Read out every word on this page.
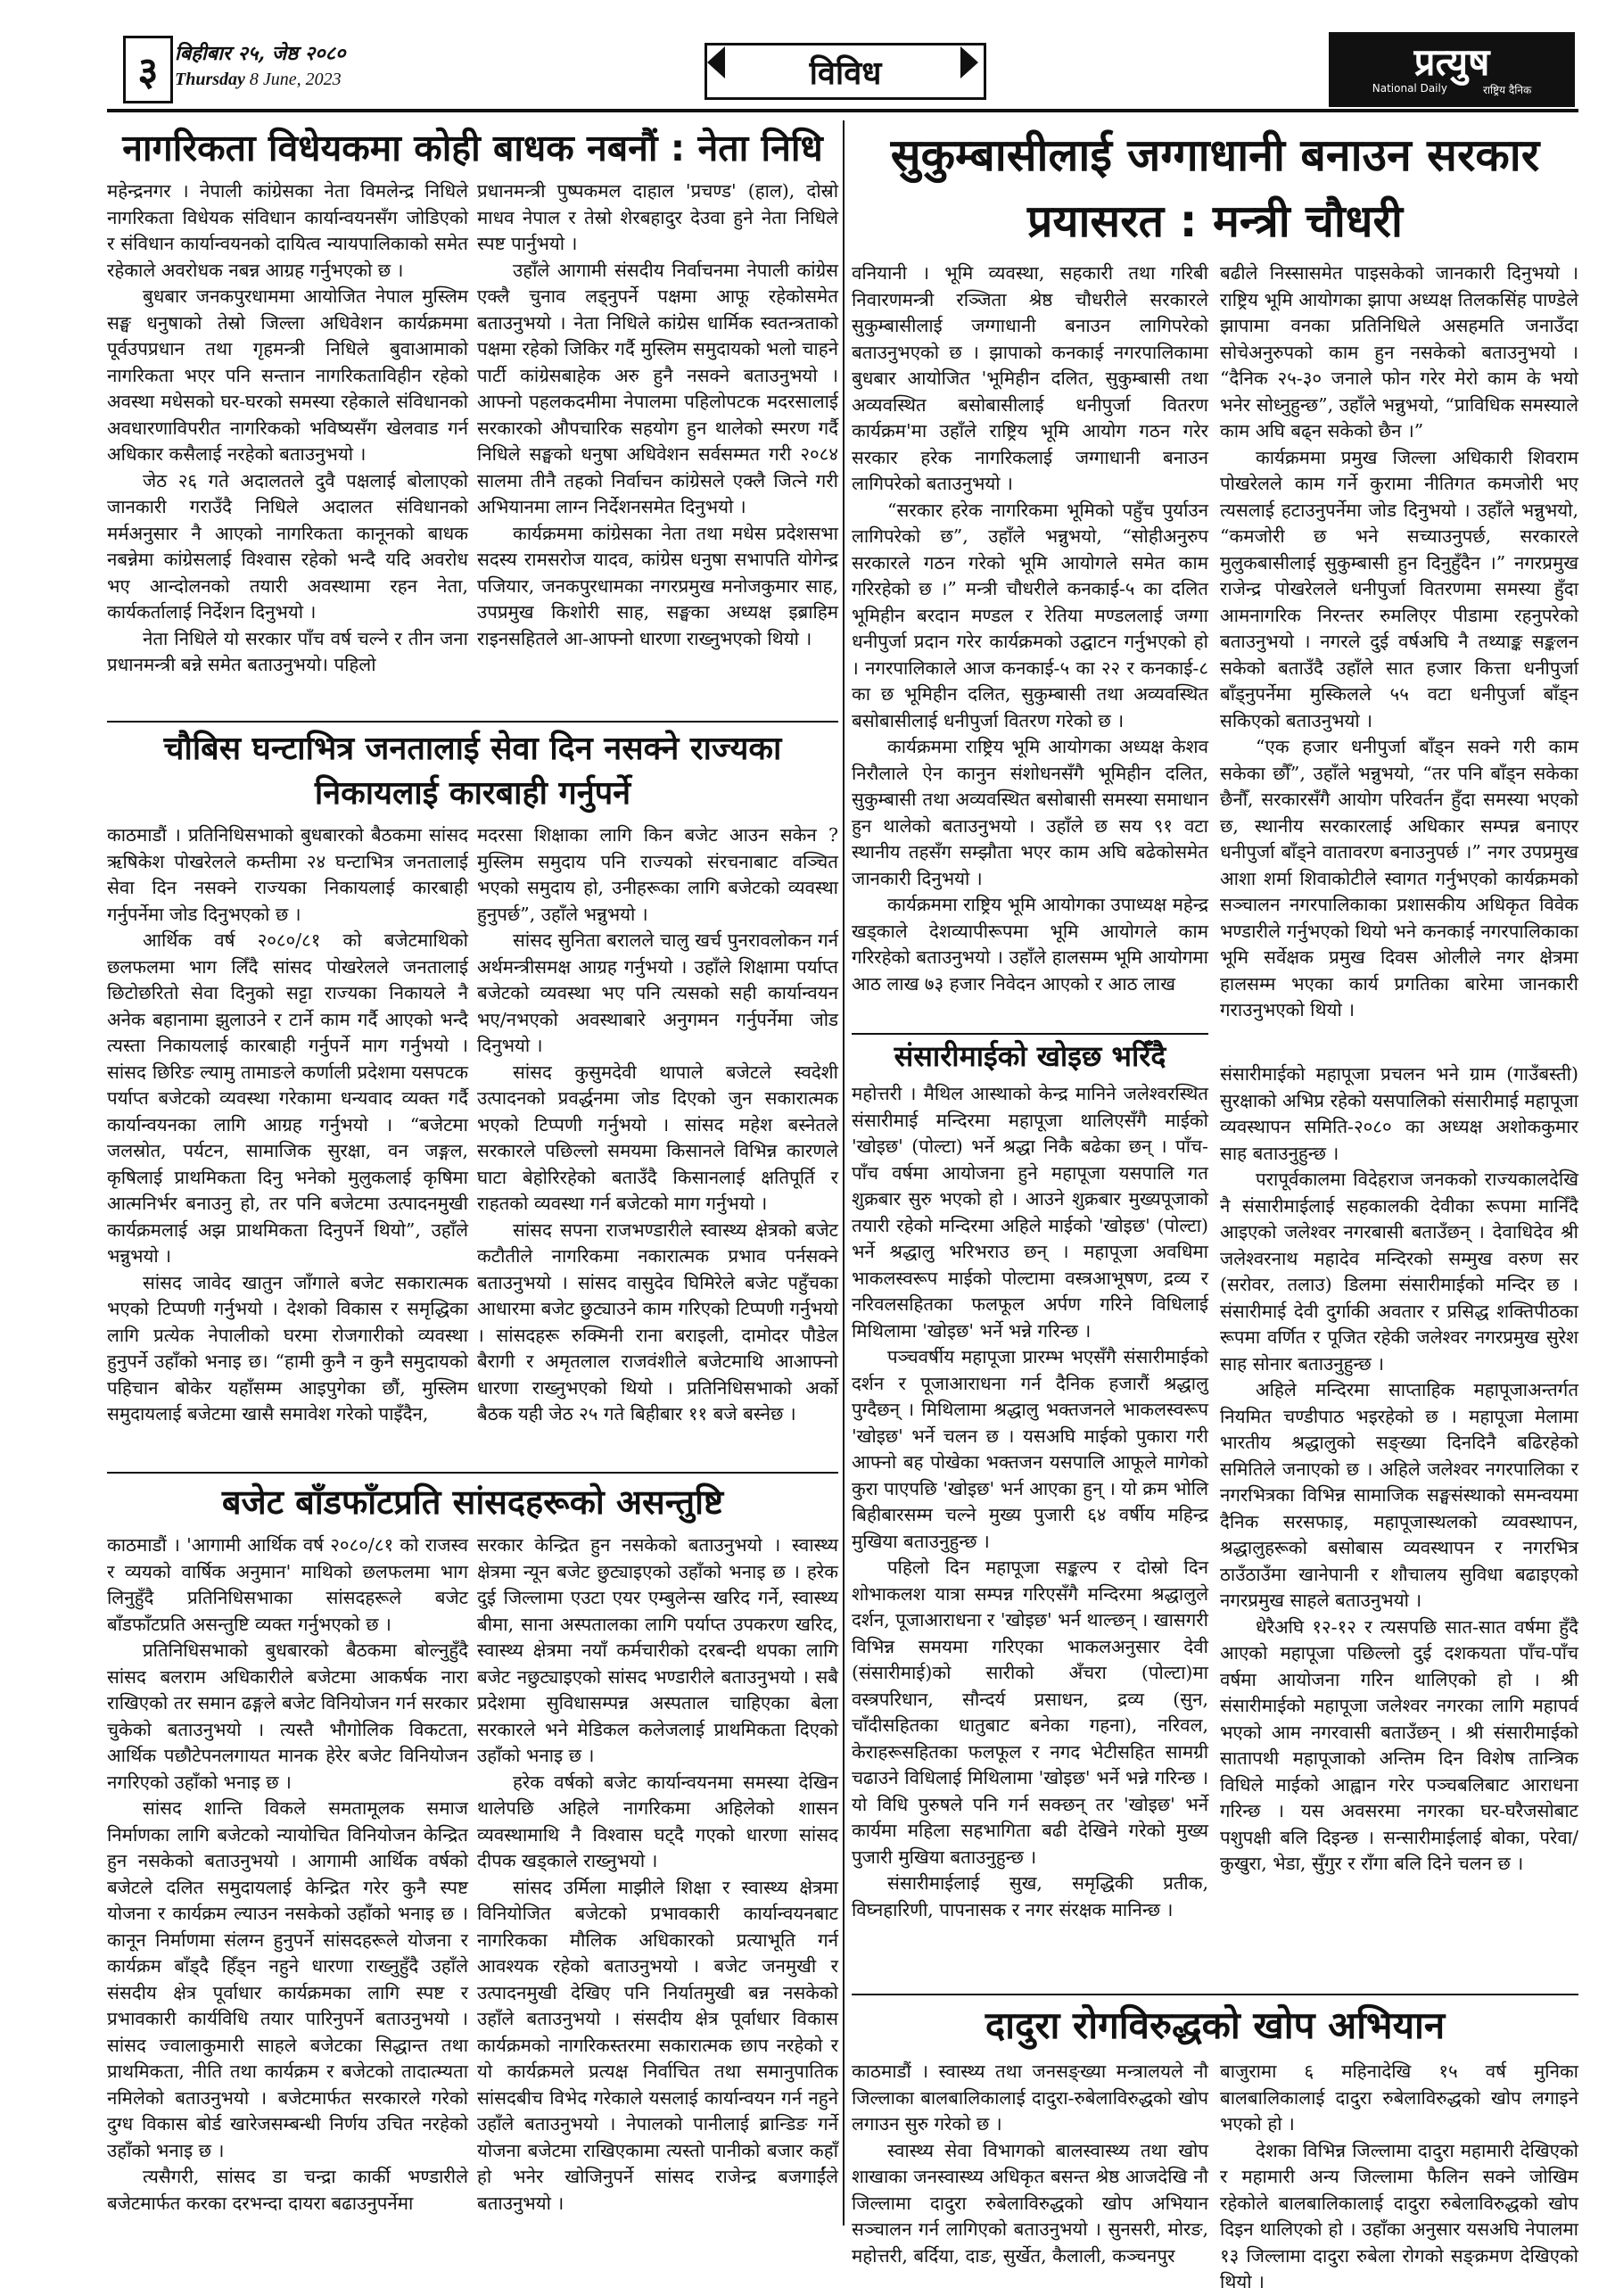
३ बिहीबार २५, जेष्ठ २०८०
Thursday 8 June, 2023	विविध	प्रत्युष
National Daily	राष्ट्रिय दैनिक
नागरिकता विधेयकमा कोही बाधक नबनौं : नेता निधि

महेन्द्रनगर । नेपाली कांग्रेसका नेता विमलेन्द्र निधिले नागरिकता विधेयक संविधान कार्यान्वयनसँग जोडिएको र संविधान कार्यान्वयनको दायित्व न्यायपालिकाको समेत रहेकाले अवरोधक नबन्न आग्रह गर्नुभएको छ ।

बुधबार जनकपुरधाममा आयोजित नेपाल मुस्लिम सङ्घ धनुषाको तेस्रो जिल्ला अधिवेशन कार्यक्रममा पूर्वउपप्रधान तथा गृहमन्त्री निधिले बुवाआमाको नागरिकता भएर पनि सन्तान नागरिकताविहीन रहेको अवस्था मधेसको घर-घरको समस्या रहेकाले संविधानको अवधारणाविपरीत नागरिकको भविष्यसँग खेलवाड गर्न अधिकार कसैलाई नरहेको बताउनुभयो ।

जेठ २६ गते अदालतले दुवै पक्षलाई बोलाएको जानकारी गराउँदै निधिले अदालत संविधानको मर्मअनुसार नै आएको नागरिकता कानूनको बाधक नबन्नेमा कांग्रेसलाई विश्वास रहेको भन्दै यदि अवरोध भए आन्दोलनको तयारी अवस्थामा रहन नेता, कार्यकर्तालाई निर्देशन दिनुभयो ।

नेता निधिले यो सरकार पाँच वर्ष चल्ने र तीन जना प्रधानमन्त्री बन्ने समेत बताउनुभयो। पहिलो

प्रधानमन्त्री पुष्पकमल दाहाल 'प्रचण्ड' (हाल), दोस्रो माधव नेपाल र तेस्रो शेरबहादुर देउवा हुने नेता निधिले स्पष्ट पार्नुभयो ।

उहाँले आगामी संसदीय निर्वाचनमा नेपाली कांग्रेस एक्लै चुनाव लड्नुपर्ने पक्षमा आफू रहेकोसमेत बताउनुभयो । नेता निधिले कांग्रेस धार्मिक स्वतन्त्रताको पक्षमा रहेको जिकिर गर्दै मुस्लिम समुदायको भलो चाहने पार्टी कांग्रेसबाहेक अरु हुनै नसक्ने बताउनुभयो । आफ्नो पहलकदमीमा नेपालमा पहिलोपटक मदरसालाई सरकारको औपचारिक सहयोग हुन थालेको स्मरण गर्दै निधिले सङ्घको धनुषा अधिवेशन सर्वसम्मत गरी २०८४ सालमा तीनै तहको निर्वाचन कांग्रेसले एक्लै जित्ने गरी अभियानमा लाग्न निर्देशनसमेत दिनुभयो ।

कार्यक्रममा कांग्रेसका नेता तथा मधेस प्रदेशसभा सदस्य रामसरोज यादव, कांग्रेस धनुषा सभापति योगेन्द्र पजियार, जनकपुरधामका नगरप्रमुख मनोजकुमार साह, उपप्रमुख किशोरी साह, सङ्घका अध्यक्ष इब्राहिम राइनसहितले आ-आफ्नो धारणा राख्नुभएको थियो ।

चौबिस घन्टाभित्र जनतालाई सेवा दिन नसक्ने राज्यका
निकायलाई कारबाही गर्नुपर्ने

काठमाडौं । प्रतिनिधिसभाको बुधबारको बैठकमा सांसद ऋषिकेश पोखरेलले कम्तीमा २४ घन्टाभित्र जनतालाई सेवा दिन नसक्ने राज्यका निकायलाई कारबाही गर्नुपर्नेमा जोड दिनुभएको छ ।

आर्थिक वर्ष २०८०/८१ को बजेटमाथिको छलफलमा भाग लिँदै सांसद पोखरेलले जनतालाई छिटोछरितो सेवा दिनुको सट्टा राज्यका निकायले नै अनेक बहानामा झुलाउने र टार्ने काम गर्दै आएको भन्दै त्यस्ता निकायलाई कारबाही गर्नुपर्ने माग गर्नुभयो । सांसद छिरिङ ल्यामु तामाङले कर्णाली प्रदेशमा यसपटक पर्याप्त बजेटको व्यवस्था गरेकामा धन्यवाद व्यक्त गर्दै कार्यान्वयनका लागि आग्रह गर्नुभयो । “बजेटमा जलस्रोत, पर्यटन, सामाजिक सुरक्षा, वन जङ्गल, कृषिलाई प्राथमिकता दिनु भनेको मुलुकलाई कृषिमा आत्मनिर्भर बनाउनु हो, तर पनि बजेटमा उत्पादनमुखी कार्यक्रमलाई अझ प्राथमिकता दिनुपर्ने थियो”, उहाँले भन्नुभयो ।

सांसद जावेद खातुन जाँगाले बजेट सकारात्मक भएको टिप्पणी गर्नुभयो । देशको विकास र समृद्धिका लागि प्रत्येक नेपालीको घरमा रोजगारीको व्यवस्था हुनुपर्ने उहाँको भनाइ छ। “हामी कुनै न कुनै समुदायको पहिचान बोकेर यहाँसम्म आइपुगेका छौं, मुस्लिम समुदायलाई बजेटमा खासै समावेश गरेको पाइँदैन,

मदरसा शिक्षाका लागि किन बजेट आउन सकेन ? मुस्लिम समुदाय पनि राज्यको संरचनाबाट वञ्चित भएको समुदाय हो, उनीहरूका लागि बजेटको व्यवस्था हुनुपर्छ”, उहाँले भन्नुभयो ।

सांसद सुनिता बरालले चालु खर्च पुनरावलोकन गर्न अर्थमन्त्रीसमक्ष आग्रह गर्नुभयो । उहाँले शिक्षामा पर्याप्त बजेटको व्यवस्था भए पनि त्यसको सही कार्यान्वयन भए/नभएको अवस्थाबारे अनुगमन गर्नुपर्नेमा जोड दिनुभयो ।

सांसद कुसुमदेवी थापाले बजेटले स्वदेशी उत्पादनको प्रवर्द्धनमा जोड दिएको जुन सकारात्मक भएको टिप्पणी गर्नुभयो । सांसद महेश बस्नेतले सरकारले पछिल्लो समयमा किसानले विभिन्न कारणले घाटा बेहोरिरहेको बताउँदै किसानलाई क्षतिपूर्ति र राहतको व्यवस्था गर्न बजेटको माग गर्नुभयो ।

सांसद सपना राजभण्डारीले स्वास्थ्य क्षेत्रको बजेट कटौतीले नागरिकमा नकारात्मक प्रभाव पर्नसक्ने बताउनुभयो । सांसद वासुदेव घिमिरेले बजेट पहुँचका आधारमा बजेट छुट्याउने काम गरिएको टिप्पणी गर्नुभयो । सांसदहरू रुक्मिनी राना बराइली, दामोदर पौडेल बैरागी र अमृतलाल राजवंशीले बजेटमाथि आआफ्नो धारणा राख्नुभएको थियो । प्रतिनिधिसभाको अर्को बैठक यही जेठ २५ गते बिहीबार ११ बजे बस्नेछ ।

बजेट बाँडफाँटप्रति सांसदहरूको असन्तुष्टि

काठमाडौं । 'आगामी आर्थिक वर्ष २०८०/८१ को राजस्व र व्ययको वार्षिक अनुमान' माथिको छलफलमा भाग लिनुहुँदै प्रतिनिधिसभाका सांसदहरूले बजेट बाँडफाँटप्रति असन्तुष्टि व्यक्त गर्नुभएको छ ।

प्रतिनिधिसभाको बुधबारको बैठकमा बोल्नुहुँदै सांसद बलराम अधिकारीले बजेटमा आकर्षक नारा राखिएको तर समान ढङ्गले बजेट विनियोजन गर्न सरकार चुकेको बताउनुभयो । त्यस्तै भौगोलिक विकटता, आर्थिक पछौटेपनलगायत मानक हेरेर बजेट विनियोजन नगरिएको उहाँको भनाइ छ ।

सांसद शान्ति विकले समतामूलक समाज निर्माणका लागि बजेटको न्यायोचित विनियोजन केन्द्रित हुन नसकेको बताउनुभयो । आगामी आर्थिक वर्षको बजेटले दलित समुदायलाई केन्द्रित गरेर कुनै स्पष्ट योजना र कार्यक्रम ल्याउन नसकेको उहाँको भनाइ छ । कानून निर्माणमा संलग्न हुनुपर्ने सांसदहरूले योजना र कार्यक्रम बाँड्दै हिँड्न नहुने धारणा राख्नुहुँदै उहाँले संसदीय क्षेत्र पूर्वाधार कार्यक्रमका लागि स्पष्ट र प्रभावकारी कार्यविधि तयार पारिनुपर्ने बताउनुभयो । सांसद ज्वालाकुमारी साहले बजेटका सिद्धान्त तथा प्राथमिकता, नीति तथा कार्यक्रम र बजेटको तादात्म्यता नमिलेको बताउनुभयो । बजेटमार्फत सरकारले गरेको दुग्ध विकास बोर्ड खारेजसम्बन्धी निर्णय उचित नरहेको उहाँको भनाइ छ ।

त्यसैगरी, सांसद डा चन्द्रा कार्की भण्डारीले बजेटमार्फत करका दरभन्दा दायरा बढाउनुपर्नेमा

सरकार केन्द्रित हुन नसकेको बताउनुभयो । स्वास्थ्य क्षेत्रमा न्यून बजेट छुट्याइएको उहाँको भनाइ छ । हरेक दुई जिल्लामा एउटा एयर एम्बुलेन्स खरिद गर्ने, स्वास्थ्य बीमा, साना अस्पतालका लागि पर्याप्त उपकरण खरिद, स्वास्थ्य क्षेत्रमा नयाँ कर्मचारीको दरबन्दी थपका लागि बजेट नछुट्याइएको सांसद भण्डारीले बताउनुभयो । सबै प्रदेशमा सुविधासम्पन्न अस्पताल चाहिएका बेला सरकारले भने मेडिकल कलेजलाई प्राथमिकता दिएको उहाँको भनाइ छ ।

हरेक वर्षको बजेट कार्यान्वयनमा समस्या देखिन थालेपछि अहिले नागरिकमा अहिलेको शासन व्यवस्थामाथि नै विश्वास घट्दै गएको धारणा सांसद दीपक खड्काले राख्नुभयो ।

सांसद उर्मिला माझीले शिक्षा र स्वास्थ्य क्षेत्रमा विनियोजित बजेटको प्रभावकारी कार्यान्वयनबाट नागरिकका मौलिक अधिकारको प्रत्याभूति गर्न आवश्यक रहेको बताउनुभयो । बजेट जनमुखी र उत्पादनमुखी देखिए पनि निर्यातमुखी बन्न नसकेको उहाँले बताउनुभयो । संसदीय क्षेत्र पूर्वाधार विकास कार्यक्रमको नागरिकस्तरमा सकारात्मक छाप नरहेको र यो कार्यक्रमले प्रत्यक्ष निर्वाचित तथा समानुपातिक सांसदबीच विभेद गरेकाले यसलाई कार्यान्वयन गर्न नहुने उहाँले बताउनुभयो । नेपालको पानीलाई ब्रान्डिङ गर्ने योजना बजेटमा राखिएकामा त्यस्तो पानीको बजार कहाँ हो भनेर खोजिनुपर्ने सांसद राजेन्द्र बजगाईंले बताउनुभयो ।

सुकुम्बासीलाई जग्गाधानी बनाउन सरकार
प्रयासरत : मन्त्री चौधरी

वनियानी । भूमि व्यवस्था, सहकारी तथा गरिबी निवारणमन्त्री रञ्जिता श्रेष्ठ चौधरीले सरकारले सुकुम्बासीलाई जग्गाधानी बनाउन लागिपरेको बताउनुभएको छ । झापाको कनकाई नगरपालिकामा बुधबार आयोजित 'भूमिहीन दलित, सुकुम्बासी तथा अव्यवस्थित बसोबासीलाई धनीपुर्जा वितरण कार्यक्रम'मा उहाँले राष्ट्रिय भूमि आयोग गठन गरेर सरकार हरेक नागरिकलाई जग्गाधानी बनाउन लागिपरेको बताउनुभयो ।

“सरकार हरेक नागरिकमा भूमिको पहुँच पुर्याउन लागिपरेको छ”, उहाँले भन्नुभयो, “सोहीअनुरुप सरकारले गठन गरेको भूमि आयोगले समेत काम गरिरहेको छ ।” मन्त्री चौधरीले कनकाई-५ का दलित भूमिहीन बरदान मण्डल र रेतिया मण्डललाई जग्गा धनीपुर्जा प्रदान गरेर कार्यक्रमको उद्घाटन गर्नुभएको हो । नगरपालिकाले आज कनकाई-५ का २२ र कनकाई-८ का छ भूमिहीन दलित, सुकुम्बासी तथा अव्यवस्थित बसोबासीलाई धनीपुर्जा वितरण गरेको छ ।

कार्यक्रममा राष्ट्रिय भूमि आयोगका अध्यक्ष केशव निरौलाले ऐन कानुन संशोधनसँगै भूमिहीन दलित, सुकुम्बासी तथा अव्यवस्थित बसोबासी समस्या समाधान हुन थालेको बताउनुभयो । उहाँले छ सय ९१ वटा स्थानीय तहसँग सम्झौता भएर काम अघि बढेकोसमेत जानकारी दिनुभयो ।

कार्यक्रममा राष्ट्रिय भूमि आयोगका उपाध्यक्ष महेन्द्र खड्काले देशव्यापीरूपमा भूमि आयोगले काम गरिरहेको बताउनुभयो । उहाँले हालसम्म भूमि आयोगमा आठ लाख ७३ हजार निवेदन आएको र आठ लाख

बढीले निस्सासमेत पाइसकेको जानकारी दिनुभयो । राष्ट्रिय भूमि आयोगका झापा अध्यक्ष तिलकसिंह पाण्डेले झापामा वनका प्रतिनिधिले असहमति जनाउँदा सोचेअनुरुपको काम हुन नसकेको बताउनुभयो । “दैनिक २५-३० जनाले फोन गरेर मेरो काम के भयो भनेर सोध्नुहुन्छ”, उहाँले भन्नुभयो, “प्राविधिक समस्याले काम अघि बढ्न सकेको छैन ।”

कार्यक्रममा प्रमुख जिल्ला अधिकारी शिवराम पोखरेलले काम गर्ने कुरामा नीतिगत कमजोरी भए त्यसलाई हटाउनुपर्नेमा जोड दिनुभयो । उहाँले भन्नुभयो, “कमजोरी छ भने सच्याउनुपर्छ, सरकारले मुलुकबासीलाई सुकुम्बासी हुन दिनुहुँदैन ।” नगरप्रमुख राजेन्द्र पोखरेलले धनीपुर्जा वितरणमा समस्या हुँदा आमनागरिक निरन्तर रुमलिएर पीडामा रहनुपरेको बताउनुभयो । नगरले दुई वर्षअघि नै तथ्याङ्क सङ्कलन सकेको बताउँदै उहाँले सात हजार कित्ता धनीपुर्जा बाँड्नुपर्नेमा मुस्किलले ५५ वटा धनीपुर्जा बाँड्न सकिएको बताउनुभयो ।

“एक हजार धनीपुर्जा बाँड्न सक्ने गरी काम सकेका छौँ”, उहाँले भन्नुभयो, “तर पनि बाँड्न सकेका छैनौँ, सरकारसँगै आयोग परिवर्तन हुँदा समस्या भएको छ, स्थानीय सरकारलाई अधिकार सम्पन्न बनाएर धनीपुर्जा बाँड्ने वातावरण बनाउनुपर्छ ।” नगर उपप्रमुख आशा शर्मा शिवाकोटीले स्वागत गर्नुभएको कार्यक्रमको सञ्चालन नगरपालिकाका प्रशासकीय अधिकृत विवेक भण्डारीले गर्नुभएको थियो भने कनकाई नगरपालिकाका भूमि सर्वेक्षक प्रमुख दिवस ओलीले नगर क्षेत्रमा हालसम्म भएका कार्य प्रगतिका बारेमा जानकारी गराउनुभएको थियो ।

संसारीमाईको खोइछ भरिँदै

महोत्तरी । मैथिल आस्थाको केन्द्र मानिने जलेश्वरस्थित संसारीमाई मन्दिरमा महापूजा थालिएसँगै माईको 'खोइछ' (पोल्टा) भर्ने श्रद्धा निकै बढेका छन् । पाँच-पाँच वर्षमा आयोजना हुने महापूजा यसपालि गत शुक्रबार सुरु भएको हो । आउने शुक्रबार मुख्यपूजाको तयारी रहेको मन्दिरमा अहिले माईको 'खोइछ' (पोल्टा) भर्ने श्रद्धालु भरिभराउ छन् । महापूजा अवधिमा भाकलस्वरूप माईको पोल्टामा वस्त्रआभूषण, द्रव्य र नरिवलसहितका फलफूल अर्पण गरिने विधिलाई मिथिलामा 'खोइछ' भर्ने भन्ने गरिन्छ ।

पञ्चवर्षीय महापूजा प्रारम्भ भएसँगै संसारीमाईको दर्शन र पूजाआराधना गर्न दैनिक हजारौं श्रद्धालु पुग्दैछन् । मिथिलामा श्रद्धालु भक्तजनले भाकलस्वरूप 'खोइछ' भर्ने चलन छ । यसअघि माईको पुकारा गरी आफ्नो बह पोखेका भक्तजन यसपालि आफूले मागेको कुरा पाएपछि 'खोइछ' भर्न आएका हुन् । यो क्रम भोलि बिहीबारसम्म चल्ने मुख्य पुजारी ६४ वर्षीय महिन्द्र मुखिया बताउनुहुन्छ ।

पहिलो दिन महापूजा सङ्कल्प र दोस्रो दिन शोभाकलश यात्रा सम्पन्न गरिएसँगै मन्दिरमा श्रद्धालुले दर्शन, पूजाआराधना र 'खोइछ' भर्न थाल्छन् । खासगरी विभिन्न समयमा गरिएका भाकलअनुसार देवी (संसारीमाई)को सारीको अँचरा (पोल्टा)मा वस्त्रपरिधान, सौन्दर्य प्रसाधन, द्रव्य (सुन, चाँदीसहितका धातुबाट बनेका गहना), नरिवल, केराहरूसहितका फलफूल र नगद भेटीसहित सामग्री चढाउने विधिलाई मिथिलामा 'खोइछ' भर्ने भन्ने गरिन्छ । यो विधि पुरुषले पनि गर्न सक्छन् तर 'खोइछ' भर्ने कार्यमा महिला सहभागिता बढी देखिने गरेको मुख्य पुजारी मुखिया बताउनुहुन्छ ।

संसारीमाईलाई सुख, समृद्धिकी प्रतीक, विघ्नहारिणी, पापनासक र नगर संरक्षक मानिन्छ ।

संसारीमाईको महापूजा प्रचलन भने ग्राम (गाउँबस्ती) सुरक्षाको अभिप्र रहेको यसपालिको संसारीमाई महापूजा व्यवस्थापन समिति-२०८० का अध्यक्ष अशोककुमार साह बताउनुहुन्छ ।

परापूर्वकालमा विदेहराज जनकको राज्यकालदेखि नै संसारीमाईलाई सहकालकी देवीका रूपमा मानिँदै आइएको जलेश्वर नगरबासी बताउँछन् । देवाधिदेव श्री जलेश्वरनाथ महादेव मन्दिरको सम्मुख वरुण सर (सरोवर, तलाउ) डिलमा संसारीमाईको मन्दिर छ । संसारीमाई देवी दुर्गाकी अवतार र प्रसिद्ध शक्तिपीठका रूपमा वर्णित र पूजित रहेकी जलेश्वर नगरप्रमुख सुरेश साह सोनार बताउनुहुन्छ ।

अहिले मन्दिरमा साप्ताहिक महापूजाअन्तर्गत नियमित चण्डीपाठ भइरहेको छ । महापूजा मेलामा भारतीय श्रद्धालुको सङ्ख्या दिनदिनै बढिरहेको समितिले जनाएको छ । अहिले जलेश्वर नगरपालिका र नगरभित्रका विभिन्न सामाजिक सङ्घसंस्थाको समन्वयमा दैनिक सरसफाइ, महापूजास्थलको व्यवस्थापन, श्रद्धालुहरूको बसोबास व्यवस्थापन र नगरभित्र ठाउँठाउँमा खानेपानी र शौचालय सुविधा बढाइएको नगरप्रमुख साहले बताउनुभयो ।

धेरैअघि १२-१२ र त्यसपछि सात-सात वर्षमा हुँदै आएको महापूजा पछिल्लो दुई दशकयता पाँच-पाँच वर्षमा आयोजना गरिन थालिएको हो । श्री संसारीमाईको महापूजा जलेश्वर नगरका लागि महापर्व भएको आम नगरवासी बताउँछन् । श्री संसारीमाईको सातापथी महापूजाको अन्तिम दिन विशेष तान्त्रिक विधिले माईको आह्वान गरेर पञ्चबलिबाट आराधना गरिन्छ । यस अवसरमा नगरका घर-घरैजसोबाट पशुपक्षी बलि दिइन्छ । सन्सारीमाईलाई बोका, परेवा/कुखुरा, भेडा, सुँगुर र राँगा बलि दिने चलन छ ।

दादुरा रोगविरुद्धको खोप अभियान

काठमाडौं । स्वास्थ्य तथा जनसङ्ख्या मन्त्रालयले नौ जिल्लाका बालबालिकालाई दादुरा-रुबेलाविरुद्धको खोप लगाउन सुरु गरेको छ ।

स्वास्थ्य सेवा विभागको बालस्वास्थ्य तथा खोप शाखाका जनस्वास्थ्य अधिकृत बसन्त श्रेष्ठ आजदेखि नौ जिल्लामा दादुरा रुबेलाविरुद्धको खोप अभियान सञ्चालन गर्न लागिएको बताउनुभयो । सुनसरी, मोरङ, महोत्तरी, बर्दिया, दाङ, सुर्खेत, कैलाली, कञ्चनपुर

बाजुरामा ६ महिनादेखि १५ वर्ष मुनिका बालबालिकालाई दादुरा रुबेलाविरुद्धको खोप लगाइने भएको हो ।

देशका विभिन्न जिल्लामा दादुरा महामारी देखिएको र महामारी अन्य जिल्लामा फैलिन सक्ने जोखिम रहेकोले बालबालिकालाई दादुरा रुबेलाविरुद्धको खोप दिइन थालिएको हो । उहाँका अनुसार यसअघि नेपालमा १३ जिल्लामा दादुरा रुबेला रोगको सङ्क्रमण देखिएको थियो ।
